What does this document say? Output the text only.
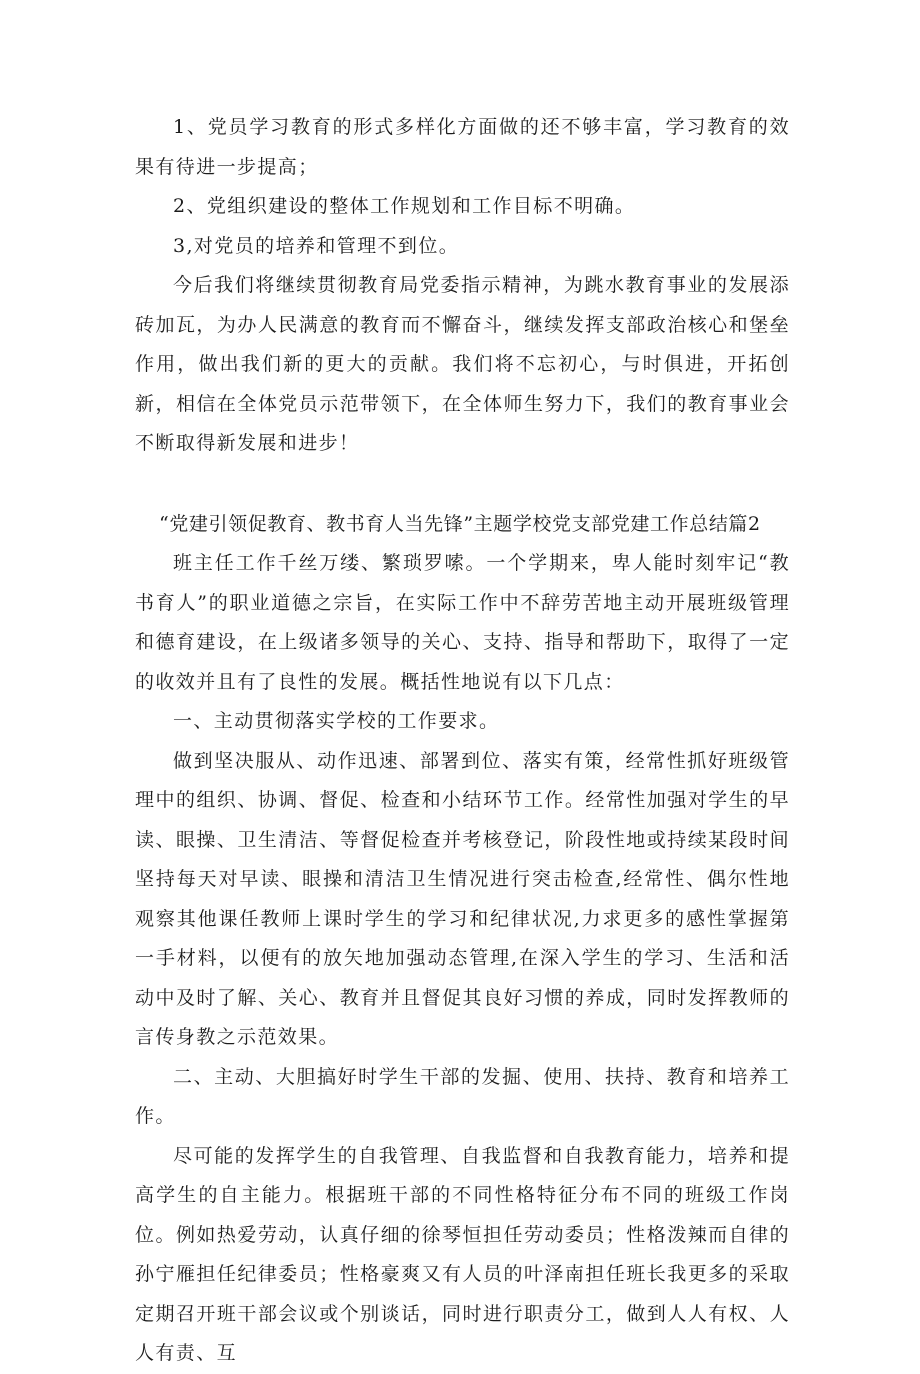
1、党员学习教育的形式多样化方面做的还不够丰富，学习教育的效果有待进一步提高；

2、党组织建设的整体工作规划和工作目标不明确。

3,对党员的培养和管理不到位。

今后我们将继续贯彻教育局党委指示精神，为跳水教育事业的发展添砖加瓦，为办人民满意的教育而不懈奋斗，继续发挥支部政治核心和堡垒作用，做出我们新的更大的贡献。我们将不忘初心，与时俱进，开拓创新，相信在全体党员示范带领下，在全体师生努力下，我们的教育事业会不断取得新发展和进步！

“党建引领促教育、教书育人当先锋”主题学校党支部党建工作总结篇2

班主任工作千丝万缕、繁琐罗嗦。一个学期来，卑人能时刻牢记“教书育人”的职业道德之宗旨，在实际工作中不辞劳苦地主动开展班级管理和德育建设，在上级诸多领导的关心、支持、指导和帮助下，取得了一定的收效并且有了良性的发展。概括性地说有以下几点：

一、主动贯彻落实学校的工作要求。

做到坚决服从、动作迅速、部署到位、落实有策，经常性抓好班级管理中的组织、协调、督促、检查和小结环节工作。经常性加强对学生的早读、眼操、卫生清洁、等督促检查并考核登记，阶段性地或持续某段时间坚持每天对早读、眼操和清洁卫生情况进行突击检查,经常性、偶尔性地观察其他课任教师上课时学生的学习和纪律状况,力求更多的感性掌握第一手材料，以便有的放矢地加强动态管理,在深入学生的学习、生活和活动中及时了解、关心、教育并且督促其良好习惯的养成，同时发挥教师的言传身教之示范效果。

二、主动、大胆搞好时学生干部的发掘、使用、扶持、教育和培养工作。

尽可能的发挥学生的自我管理、自我监督和自我教育能力，培养和提高学生的自主能力。根据班干部的不同性格特征分布不同的班级工作岗位。例如热爱劳动，认真仔细的徐琴恒担任劳动委员；性格泼辣而自律的孙宁雁担任纪律委员；性格豪爽又有人员的叶泽南担任班长我更多的采取定期召开班干部会议或个别谈话，同时进行职责分工，做到人人有权、人人有责、互
